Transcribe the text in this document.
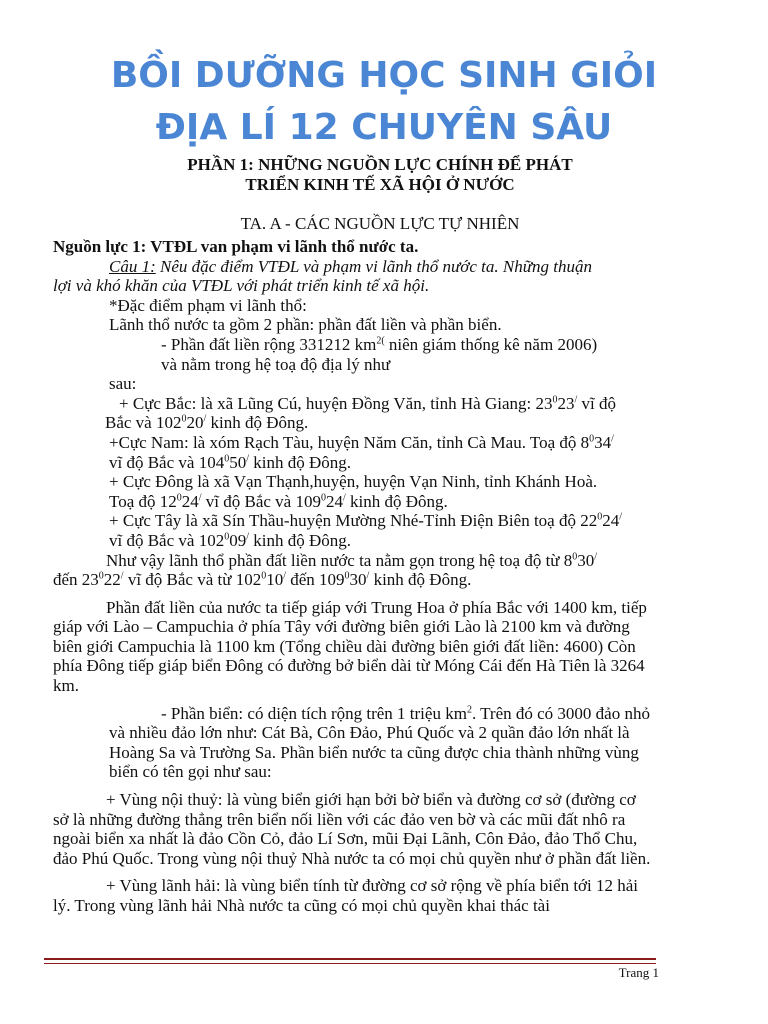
BỒI DƯỠNG HỌC SINH GIỎI

ĐỊA LÍ 12 CHUYÊN SÂU

PHẦN 1: NHỮNG NGUỒN LỰC CHÍNH ĐỂ PHÁT
TRIỂN KINH TẾ XÃ HỘI Ở NƯỚC
TA. A - CÁC NGUỒN LỰC TỰ NHIÊN

Nguồn lực 1: VTĐL van phạm vi lãnh thổ nước ta.

Câu 1: Nêu đặc điểm VTĐL và phạm vi lãnh thổ nước ta. Những thuận

lợi và khó khăn của VTĐL với phát triển kinh tế xã hội.

*Đặc điểm phạm vi lãnh thổ:

Lãnh thổ nước ta gồm 2 phần: phần đất liền và phần biển.

- Phần đất liền rộng 331212 $km^{2(}$ niên giám thống kê năm 2006)

và nằm trong hệ toạ độ địa lý như

sau:

+ Cực Bắc: là xã Lũng Cú, huyện Đồng Văn, tỉnh Hà Giang: $23^023^/$ vĩ độ

Bắc và $102^020^/$ kinh độ Đông.

+Cực Nam: là xóm Rạch Tàu, huyện Năm Căn, tỉnh Cà Mau. Toạ độ $8^034^/$

vĩ độ Bắc và $104^050^/$ kinh độ Đông.

+ Cực Đông là xã Vạn Thạnh,huyện, huyện Vạn Ninh, tỉnh Khánh Hoà.

Toạ độ $12^024^/$ vĩ độ Bắc và $109^024^/$ kinh độ Đông.

+ Cực Tây là xã Sín Thầu-huyện Mường Nhé-Tỉnh Điện Biên toạ độ $22^024^/$

vĩ độ Bắc và $102^009^/$ kinh độ Đông.

Như vậy lãnh thổ phần đất liền nước ta nằm gọn trong hệ toạ độ từ $8^030^/$

đến $23^022^/$ vĩ độ Bắc và từ $102^010^/$ đến $109^030^/$ kinh độ Đông.

Phần đất liền của nước ta tiếp giáp với Trung Hoa ở phía Bắc với 1400 km, tiếp giáp với Lào – Campuchia ở phía Tây với đường biên giới Lào là 2100 km và đường biên giới Campuchia là 1100 km (Tổng chiều dài đường biên giới đất liền: 4600) Còn phía Đông tiếp giáp biển Đông có đường bở biển dài từ Móng Cái đến Hà Tiên là 3264 km.

- Phần biển: có diện tích rộng trên 1 triệu $km^2$. Trên đó có 3000 đảo nhỏ và nhiều đảo lớn như: Cát Bà, Côn Đảo, Phú Quốc và 2 quần đảo lớn nhất là Hoàng Sa và Trường Sa. Phần biển nước ta cũng được chia thành những vùng biển có tên gọi như sau:

+ Vùng nội thuỷ: là vùng biển giới hạn bởi bờ biển và đường cơ sở (đường cơ sở là những đường thẳng trên biển nối liền với các đảo ven bờ và các mũi đất nhô ra ngoài biển xa nhất là đảo Cồn Cỏ, đảo Lí Sơn, mũi Đại Lãnh, Côn Đảo, đảo Thổ Chu, đảo Phú Quốc. Trong vùng nội thuỷ Nhà nước ta có mọi chủ quyền như ở phần đất liền.

+ Vùng lãnh hải: là vùng biển tính từ đường cơ sở rộng về phía biển tới 12 hải lý. Trong vùng lãnh hải Nhà nước ta cũng có mọi chủ quyền khai thác tài

Trang 1
